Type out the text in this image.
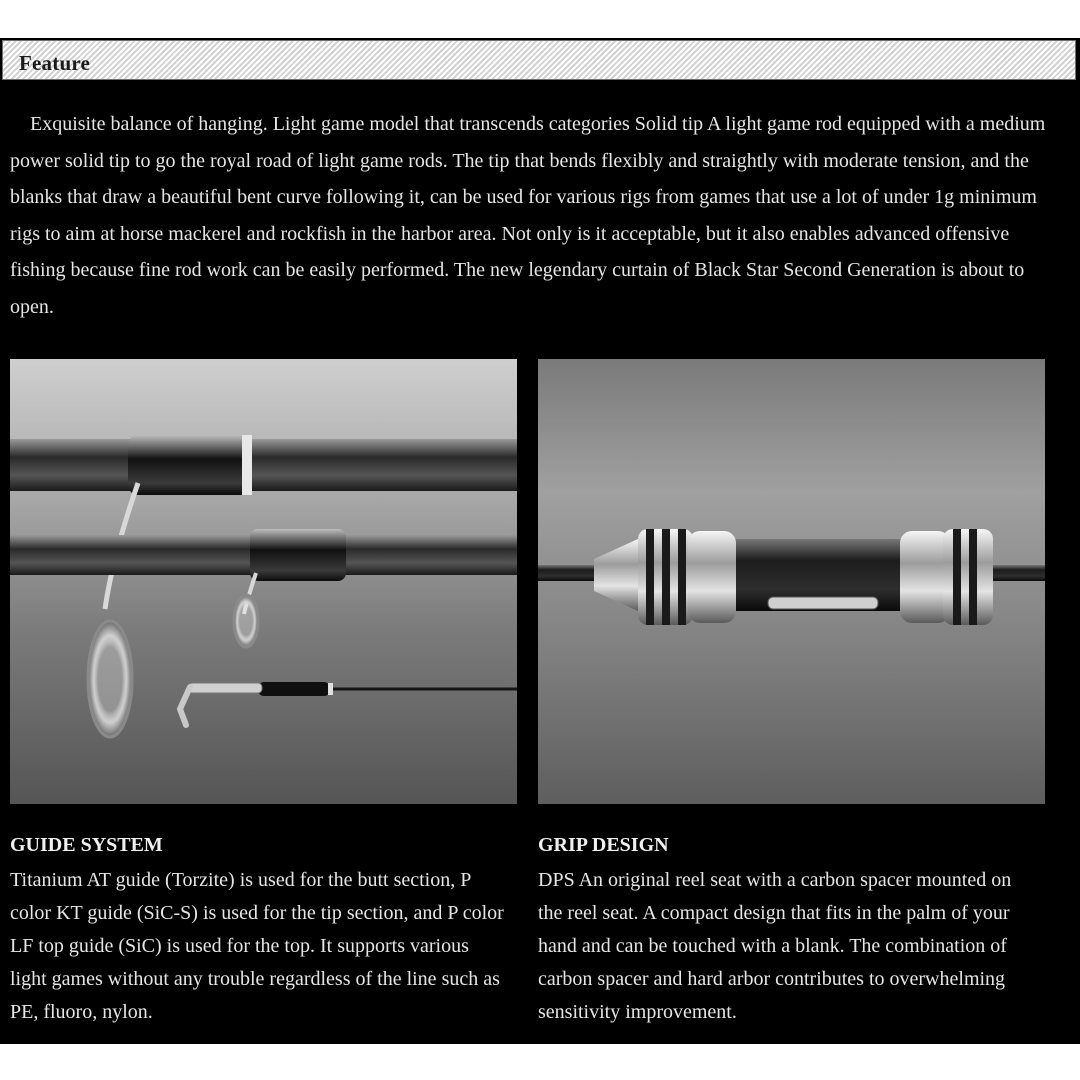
Feature

Exquisite balance of hanging. Light game model that transcends categories Solid tip A light game rod equipped with a medium power solid tip to go the royal road of light game rods. The tip that bends flexibly and straightly with moderate tension, and the blanks that draw a beautiful bent curve following it, can be used for various rigs from games that use a lot of under 1g minimum rigs to aim at horse mackerel and rockfish in the harbor area. Not only is it acceptable, but it also enables advanced offensive fishing because fine rod work can be easily performed. The new legendary curtain of Black Star Second Generation is about to open.

GUIDE SYSTEM

Titanium AT guide (Torzite) is used for the butt section, P color KT guide (SiC-S) is used for the tip section, and P color LF top guide (SiC) is used for the top. It supports various light games without any trouble regardless of the line such as PE, fluoro, nylon.

GRIP DESIGN

DPS An original reel seat with a carbon spacer mounted on the reel seat. A compact design that fits in the palm of your hand and can be touched with a blank. The combination of carbon spacer and hard arbor contributes to overwhelming sensitivity improvement.
